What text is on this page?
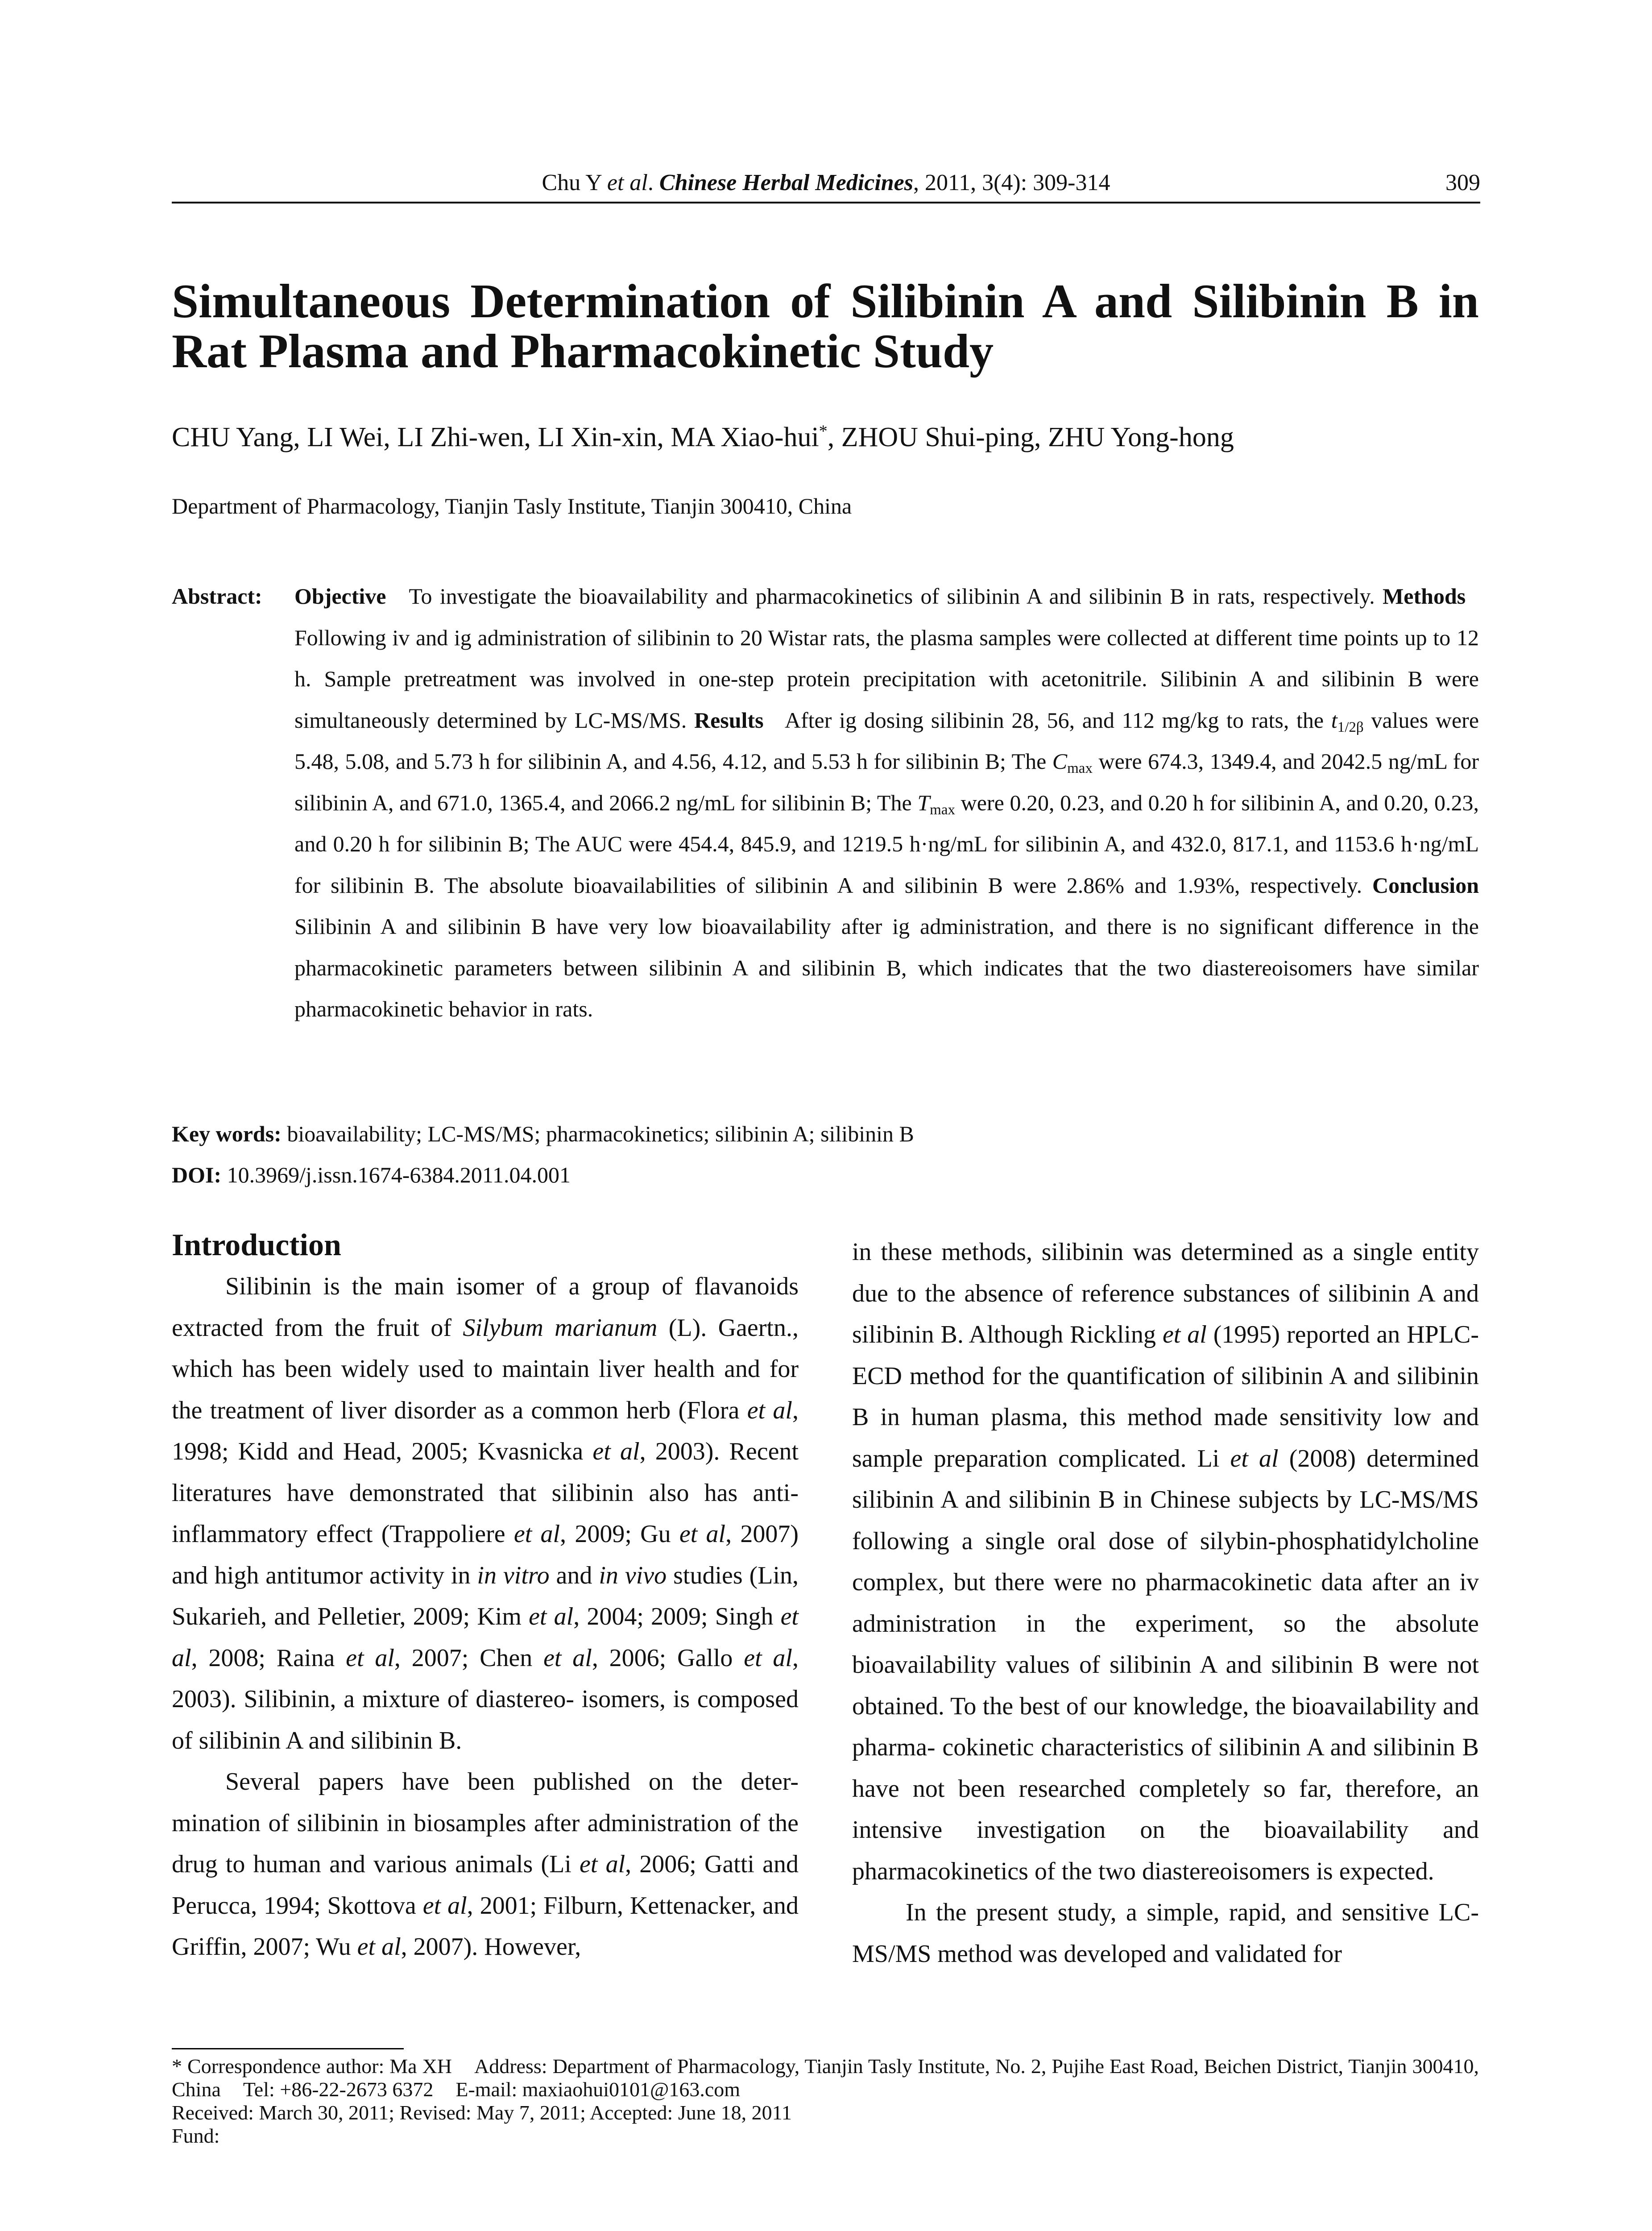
Chu Y et al. Chinese Herbal Medicines, 2011, 3(4): 309-314	309
Simultaneous Determination of Silibinin A and Silibinin B in Rat Plasma and Pharmacokinetic Study
CHU Yang, LI Wei, LI Zhi-wen, LI Xin-xin, MA Xiao-hui*, ZHOU Shui-ping, ZHU Yong-hong
Department of Pharmacology, Tianjin Tasly Institute, Tianjin 300410, China
Abstract: Objective To investigate the bioavailability and pharmacokinetics of silibinin A and silibinin B in rats, respectively. Methods   Following iv and ig administration of silibinin to 20 Wistar rats, the plasma samples were collected at different time points up to 12 h. Sample pretreatment was involved in one-step protein precipitation with acetonitrile. Silibinin A and silibinin B were simultaneously determined by LC-MS/MS. Results After ig dosing silibinin 28, 56, and 112 mg/kg to rats, the $t_{1/2\beta}$ values were 5.48, 5.08, and 5.73 h for silibinin A, and 4.56, 4.12, and 5.53 h for silibinin B; The $C_{max}$ were 674.3, 1349.4, and 2042.5 ng/mL for silibinin A, and 671.0, 1365.4, and 2066.2 ng/mL for silibinin B; The $T_{max}$ were 0.20, 0.23, and 0.20 h for silibinin A, and 0.20, 0.23, and 0.20 h for silibinin B; The AUC were 454.4, 845.9, and 1219.5 h·ng/mL for silibinin A, and 432.0, 817.1, and 1153.6 h·ng/mL for silibinin B. The absolute bioavailabilities of silibinin A and silibinin B were 2.86% and 1.93%, respectively. Conclusion Silibinin A and silibinin B have very low bioavailability after ig administration, and there is no significant difference in the pharmacokinetic parameters between silibinin A and silibinin B, which indicates that the two diastereoisomers have similar pharmacokinetic behavior in rats.
Key words: bioavailability; LC-MS/MS; pharmacokinetics; silibinin A; silibinin B
DOI: 10.3969/j.issn.1674-6384.2011.04.001
Introduction

Silibinin is the main isomer of a group of flavanoids extracted from the fruit of Silybum marianum (L). Gaertn., which has been widely used to maintain liver health and for the treatment of liver disorder as a common herb (Flora et al, 1998; Kidd and Head, 2005; Kvasnicka et al, 2003). Recent literatures have demonstrated that silibinin also has anti-inflammatory effect (Trappoliere et al, 2009; Gu et al, 2007) and high antitumor activity in in vitro and in vivo studies (Lin, Sukarieh, and Pelletier, 2009; Kim et al, 2004; 2009; Singh et al, 2008; Raina et al, 2007; Chen et al, 2006; Gallo et al, 2003). Silibinin, a mixture of diastereo- isomers, is composed of silibinin A and silibinin B.

Several papers have been published on the deter- mination of silibinin in biosamples after administration of the drug to human and various animals (Li et al, 2006; Gatti and Perucca, 1994; Skottova et al, 2001; Filburn, Kettenacker, and Griffin, 2007; Wu et al, 2007). However,

in these methods, silibinin was determined as a single entity due to the absence of reference substances of silibinin A and silibinin B. Although Rickling et al (1995) reported an HPLC-ECD method for the quantification of silibinin A and silibinin B in human plasma, this method made sensitivity low and sample preparation complicated. Li et al (2008) determined silibinin A and silibinin B in Chinese subjects by LC-MS/MS following a single oral dose of silybin-phosphatidylcholine complex, but there were no pharmacokinetic data after an iv administration in the experiment, so the absolute bioavailability values of silibinin A and silibinin B were not obtained. To the best of our knowledge, the bioavailability and pharma- cokinetic characteristics of silibinin A and silibinin B have not been researched completely so far, therefore, an intensive investigation on the bioavailability and pharmacokinetics of the two diastereoisomers is expected.

In the present study, a simple, rapid, and sensitive LC-MS/MS method was developed and validated for

* Correspondence author: Ma XH Address: Department of Pharmacology, Tianjin Tasly Institute, No. 2, Pujihe East Road, Beichen District, Tianjin 300410, China Tel: +86-22-2673 6372 E-mail: maxiaohui0101@163.com
Received: March 30, 2011; Revised: May 7, 2011; Accepted: June 18, 2011
Fund:
